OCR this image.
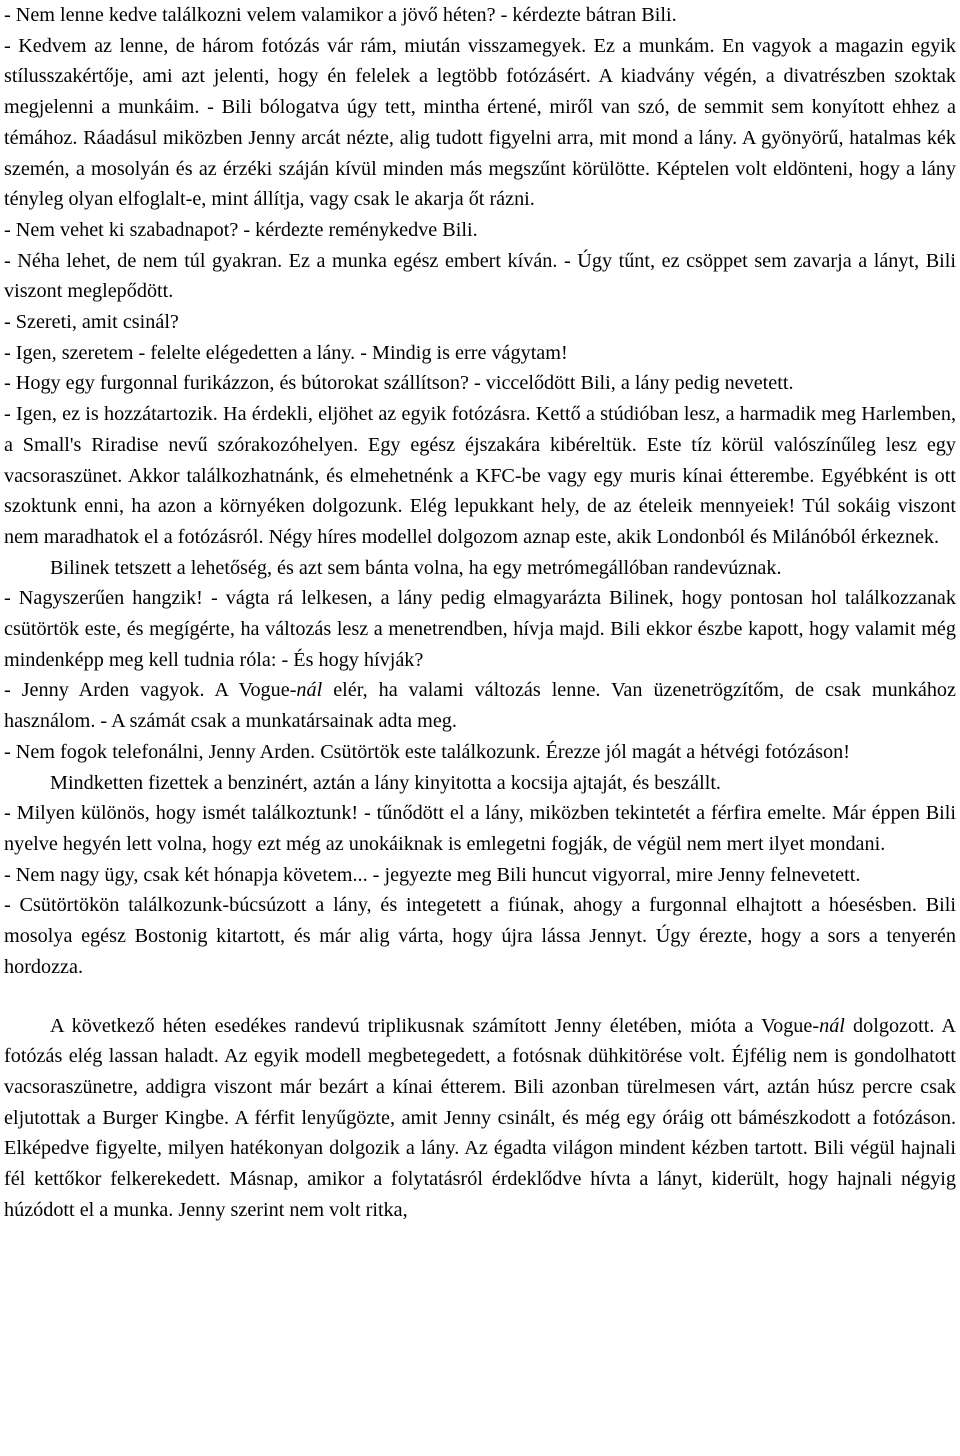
- Nem lenne kedve találkozni velem valamikor a jövő héten? - kérdezte bátran Bili.

- Kedvem az lenne, de három fotózás vár rám, miután visszamegyek. Ez a munkám. En vagyok a magazin egyik stílusszakértője, ami azt jelenti, hogy én felelek a legtöbb fotózásért. A kiadvány végén, a divatrészben szoktak megjelenni a munkáim. - Bili bólogatva úgy tett, mintha értené, miről van szó, de semmit sem konyított ehhez a témához. Ráadásul miközben Jenny arcát nézte, alig tudott figyelni arra, mit mond a lány. A gyönyörű, hatalmas kék szemén, a mosolyán és az érzéki száján kívül minden más megszűnt körülötte. Képtelen volt eldönteni, hogy a lány tényleg olyan elfoglalt-e, mint állítja, vagy csak le akarja őt rázni.

- Nem vehet ki szabadnapot? - kérdezte reménykedve Bili.

- Néha lehet, de nem túl gyakran. Ez a munka egész embert kíván. - Úgy tűnt, ez csöppet sem zavarja a lányt, Bili viszont meglepődött.

- Szereti, amit csinál?

- Igen, szeretem - felelte elégedetten a lány. - Mindig is erre vágytam!

- Hogy egy furgonnal furikázzon, és bútorokat szállítson? - viccelődött Bili, a lány pedig nevetett.

- Igen, ez is hozzátartozik. Ha érdekli, eljöhet az egyik fotózásra. Kettő a stúdióban lesz, a harmadik meg Harlemben, a Small's Riradise nevű szórakozóhelyen. Egy egész éjszakára kibéreltük. Este tíz körül valószínűleg lesz egy vacsoraszünet. Akkor találkozhatnánk, és elmehetnénk a KFC-be vagy egy muris kínai étterembe. Egyébként is ott szoktunk enni, ha azon a környéken dolgozunk. Elég lepukkant hely, de az ételeik mennyeiek! Túl sokáig viszont nem maradhatok el a fotózásról. Négy híres modellel dolgozom aznap este, akik Londonból és Milánóból érkeznek.

Bilinek tetszett a lehetőség, és azt sem bánta volna, ha egy metrómegállóban randevúznak.

- Nagyszerűen hangzik! - vágta rá lelkesen, a lány pedig elmagyarázta Bilinek, hogy pontosan hol találkozzanak csütörtök este, és megígérte, ha változás lesz a menetrendben, hívja majd. Bili ekkor észbe kapott, hogy valamit még mindenképp meg kell tudnia róla: - És hogy hívják?

- Jenny Arden vagyok. A Vogue-nál elér, ha valami változás lenne. Van üzenetrögzítőm, de csak munkához használom. - A számát csak a munkatársainak adta meg.

- Nem fogok telefonálni, Jenny Arden. Csütörtök este találkozunk. Érezze jól magát a hétvégi fotózáson!

Mindketten fizettek a benzinért, aztán a lány kinyitotta a kocsija ajtaját, és beszállt.

- Milyen különös, hogy ismét találkoztunk! - tűnődött el a lány, miközben tekintetét a férfira emelte. Már éppen Bili nyelve hegyén lett volna, hogy ezt még az unokáiknak is emlegetni fogják, de végül nem mert ilyet mondani.

- Nem nagy ügy, csak két hónapja követem... - jegyezte meg Bili huncut vigyorral, mire Jenny felnevetett.

- Csütörtökön találkozunk-búcsúzott a lány, és integetett a fiúnak, ahogy a furgonnal elhajtott a hóesésben. Bili mosolya egész Bostonig kitartott, és már alig várta, hogy újra lássa Jennyt. Úgy érezte, hogy a sors a tenyerén hordozza.

A következő héten esedékes randevú triplikusnak számított Jenny életében, mióta a Vogue-nál dolgozott. A fotózás elég lassan haladt. Az egyik modell megbetegedett, a fotósnak dühkitörése volt. Éjfélig nem is gondolhatott vacsoraszünetre, addigra viszont már bezárt a kínai étterem. Bili azonban türelmesen várt, aztán húsz percre csak eljutottak a Burger Kingbe. A férfit lenyűgözte, amit Jenny csinált, és még egy óráig ott bámészkodott a fotózáson. Elképedve figyelte, milyen hatékonyan dolgozik a lány. Az égadta világon mindent kézben tartott. Bili végül hajnali fél kettőkor felkerekedett. Másnap, amikor a folytatásról érdeklődve hívta a lányt, kiderült, hogy hajnali négyig húzódott el a munka. Jenny szerint nem volt ritka,
